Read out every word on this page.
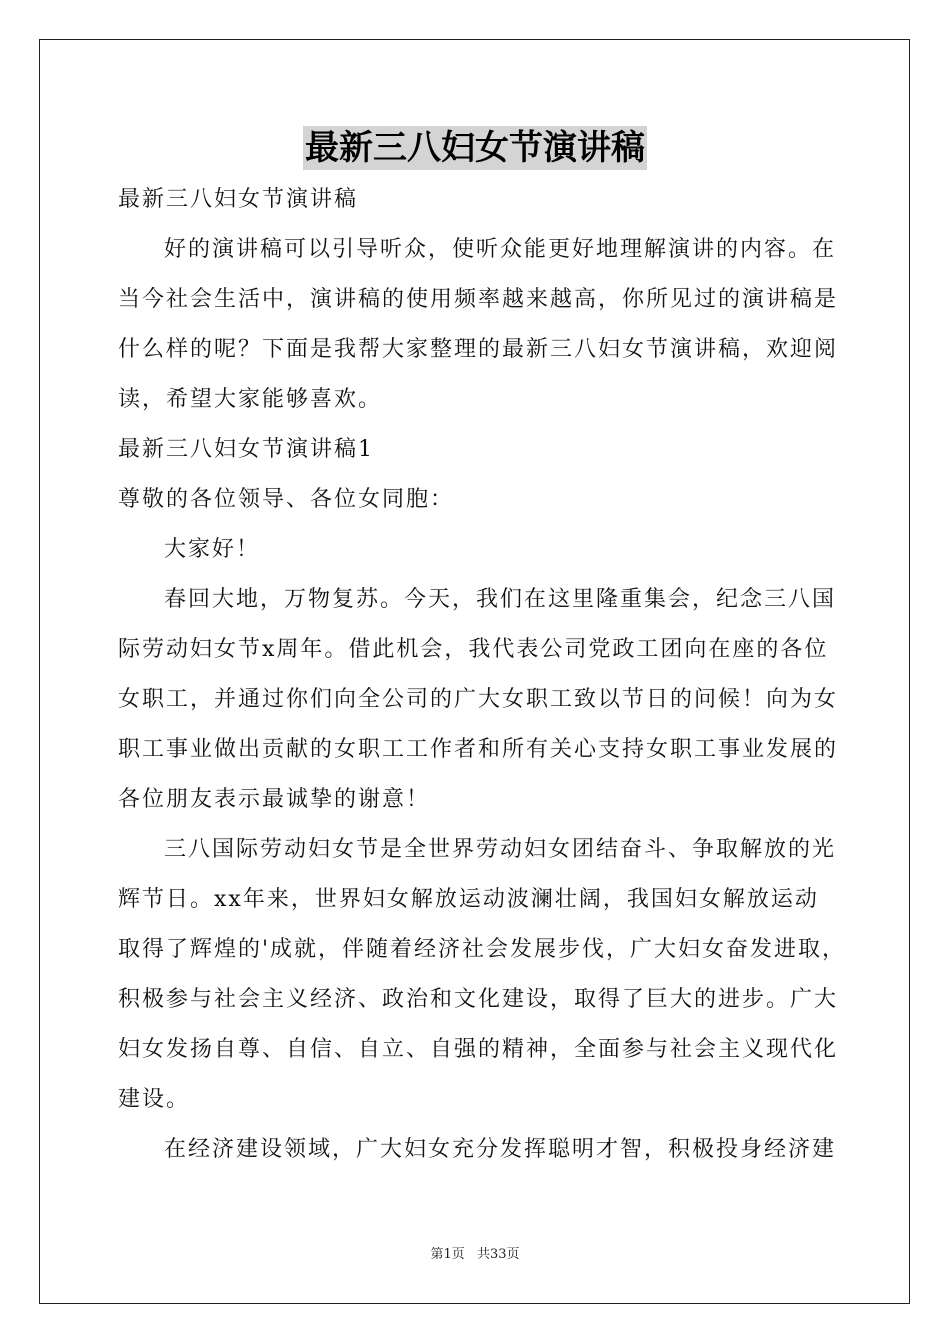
最新三八妇女节演讲稿
最新三八妇女节演讲稿
好的演讲稿可以引导听众，使听众能更好地理解演讲的内容。在
当今社会生活中，演讲稿的使用频率越来越高，你所见过的演讲稿是
什么样的呢？下面是我帮大家整理的最新三八妇女节演讲稿，欢迎阅
读，希望大家能够喜欢。
最新三八妇女节演讲稿1
尊敬的各位领导、各位女同胞：
大家好！
春回大地，万物复苏。今天，我们在这里隆重集会，纪念三八国
际劳动妇女节x周年。借此机会，我代表公司党政工团向在座的各位
女职工，并通过你们向全公司的广大女职工致以节日的问候！向为女
职工事业做出贡献的女职工工作者和所有关心支持女职工事业发展的
各位朋友表示最诚挚的谢意！
三八国际劳动妇女节是全世界劳动妇女团结奋斗、争取解放的光
辉节日。xx年来，世界妇女解放运动波澜壮阔，我国妇女解放运动
取得了辉煌的'成就，伴随着经济社会发展步伐，广大妇女奋发进取，
积极参与社会主义经济、政治和文化建设，取得了巨大的进步。广大
妇女发扬自尊、自信、自立、自强的精神，全面参与社会主义现代化
建设。
在经济建设领域，广大妇女充分发挥聪明才智，积极投身经济建
第1页 共33页
